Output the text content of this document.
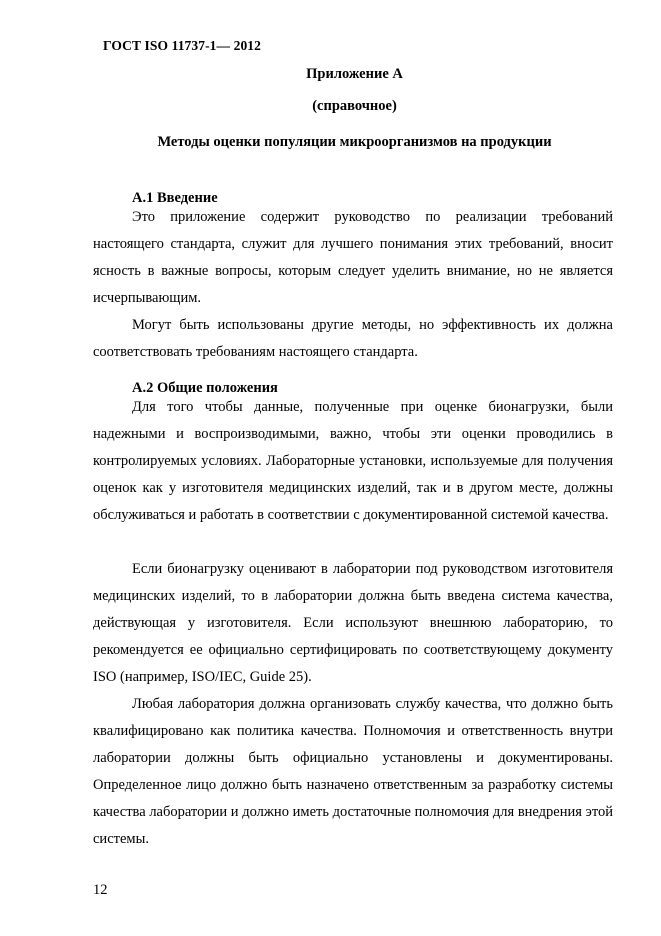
ГОСТ ISO 11737-1— 2012
Приложение А
(справочное)
Методы оценки популяции микроорганизмов на продукции
А.1 Введение

Это приложение содержит руководство по реализации требований настоящего стандарта, служит для лучшего понимания этих требований, вносит ясность в важные вопросы, которым следует уделить внимание, но не является исчерпывающим.

Могут быть использованы другие методы, но эффективность их должна соответствовать требованиям настоящего стандарта.

А.2 Общие положения

Для того чтобы данные, полученные при оценке бионагрузки, были надежными и воспроизводимыми, важно, чтобы эти оценки проводились в контролируемых условиях. Лабораторные установки, используемые для получения оценок как у изготовителя медицинских изделий, так и в другом месте, должны обслуживаться и работать в соответствии с документированной системой качества.

Если бионагрузку оценивают в лаборатории под руководством изготовителя медицинских изделий, то в лаборатории должна быть введена система качества, действующая у изготовителя. Если используют внешнюю лабораторию, то рекомендуется ее официально сертифицировать по соответствующему документу ISO (например, ISO/IEC, Guide 25).

Любая лаборатория должна организовать службу качества, что должно быть квалифицировано как политика качества. Полномочия и ответственность внутри лаборатории должны быть официально установлены и документированы. Определенное лицо должно быть назначено ответственным за разработку системы качества лаборатории и должно иметь достаточные полномочия для внедрения этой системы.

12
